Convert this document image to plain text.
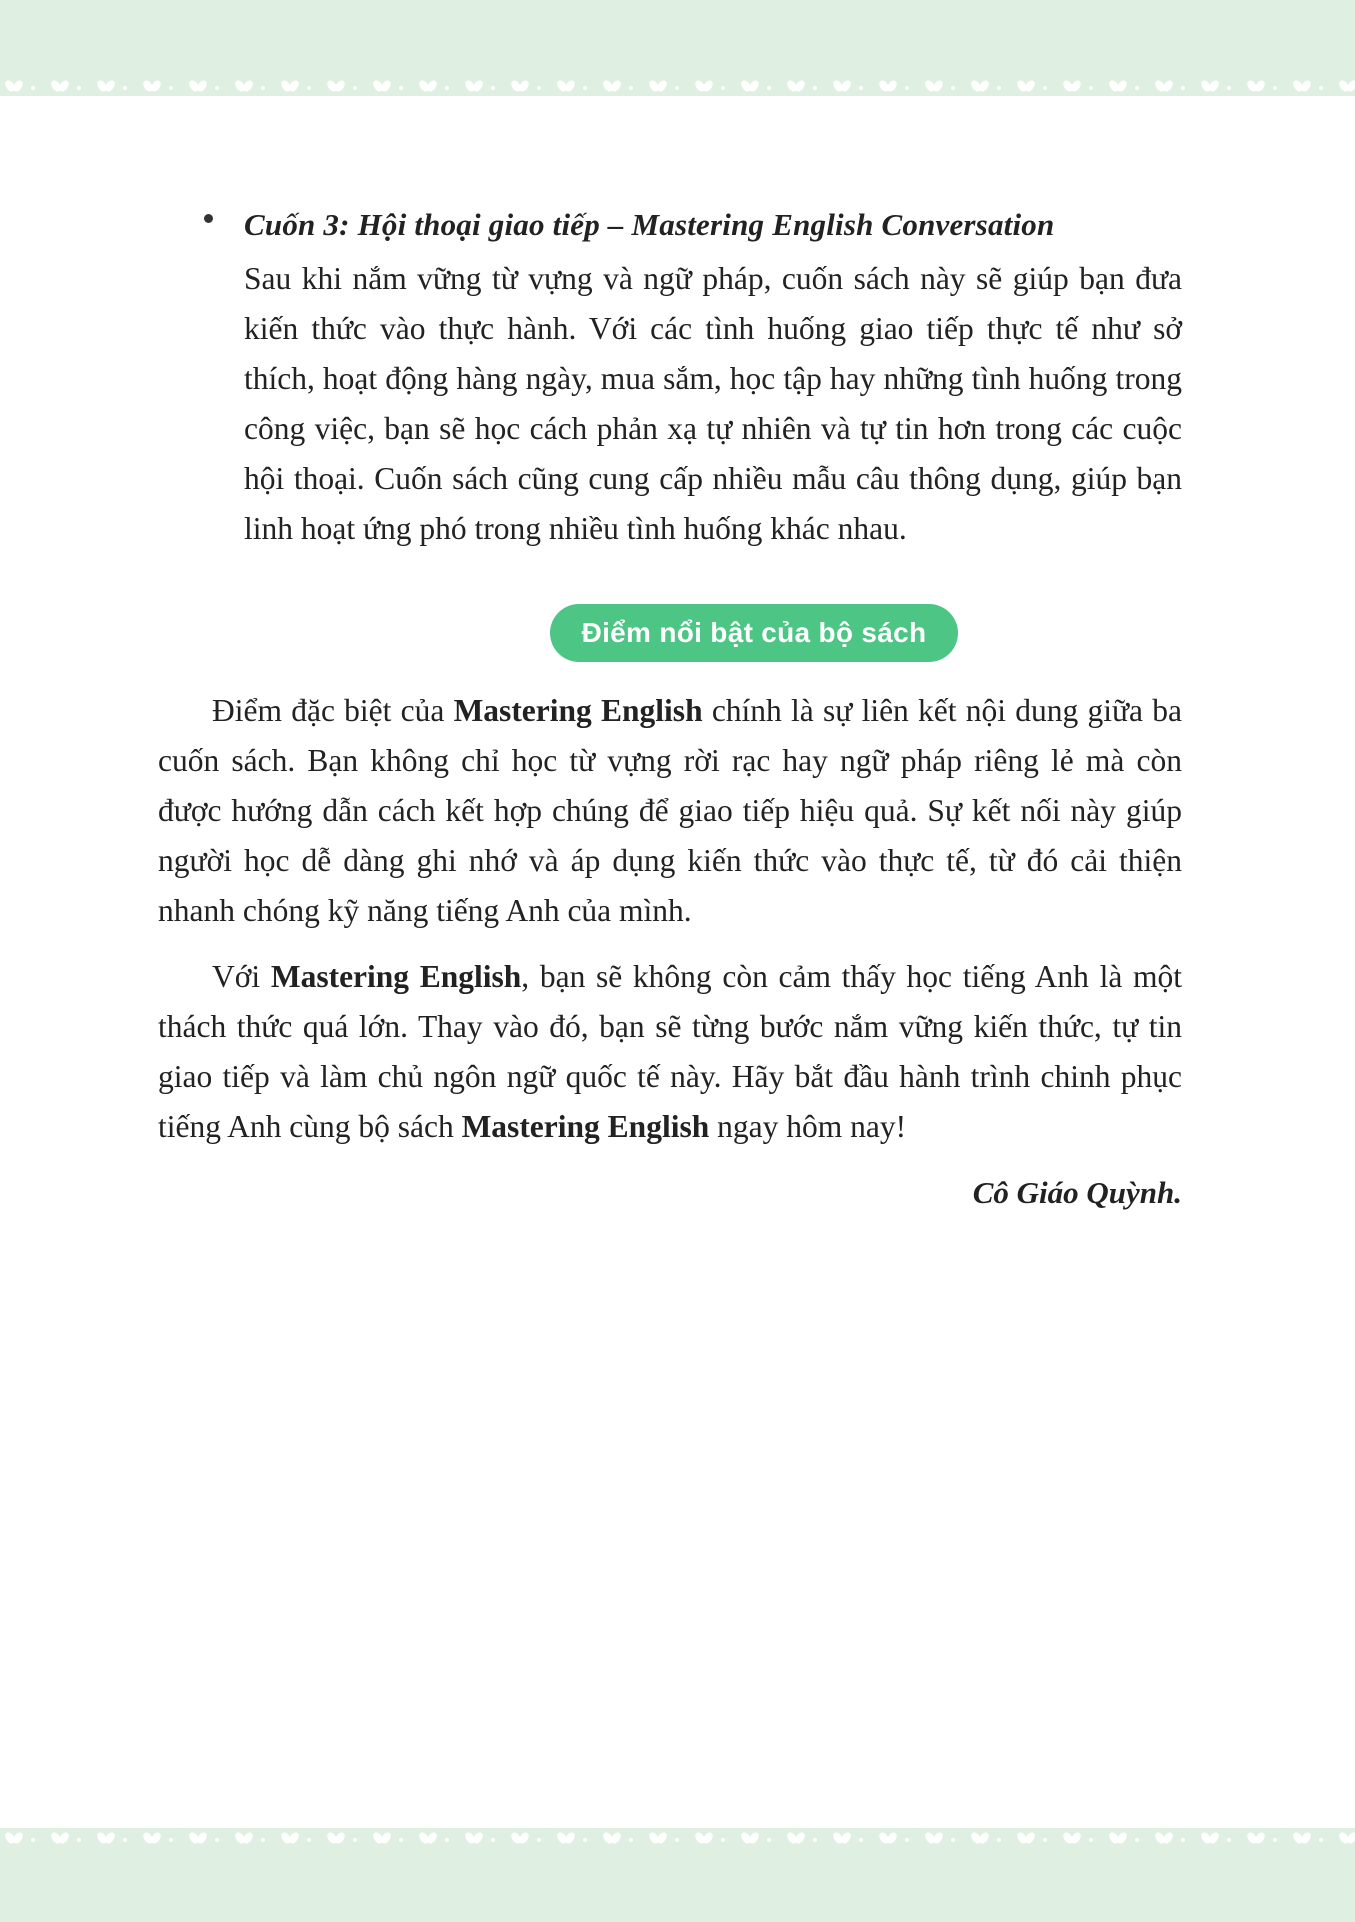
Cuốn 3: Hội thoại giao tiếp – Mastering English Conversation

Sau khi nắm vững từ vựng và ngữ pháp, cuốn sách này sẽ giúp bạn đưa kiến thức vào thực hành. Với các tình huống giao tiếp thực tế như sở thích, hoạt động hàng ngày, mua sắm, học tập hay những tình huống trong công việc, bạn sẽ học cách phản xạ tự nhiên và tự tin hơn trong các cuộc hội thoại. Cuốn sách cũng cung cấp nhiều mẫu câu thông dụng, giúp bạn linh hoạt ứng phó trong nhiều tình huống khác nhau.

Điểm nổi bật của bộ sách

Điểm đặc biệt của Mastering English chính là sự liên kết nội dung giữa ba cuốn sách. Bạn không chỉ học từ vựng rời rạc hay ngữ pháp riêng lẻ mà còn được hướng dẫn cách kết hợp chúng để giao tiếp hiệu quả. Sự kết nối này giúp người học dễ dàng ghi nhớ và áp dụng kiến thức vào thực tế, từ đó cải thiện nhanh chóng kỹ năng tiếng Anh của mình.

Với Mastering English, bạn sẽ không còn cảm thấy học tiếng Anh là một thách thức quá lớn. Thay vào đó, bạn sẽ từng bước nắm vững kiến thức, tự tin giao tiếp và làm chủ ngôn ngữ quốc tế này. Hãy bắt đầu hành trình chinh phục tiếng Anh cùng bộ sách Mastering English ngay hôm nay!

Cô Giáo Quỳnh.
